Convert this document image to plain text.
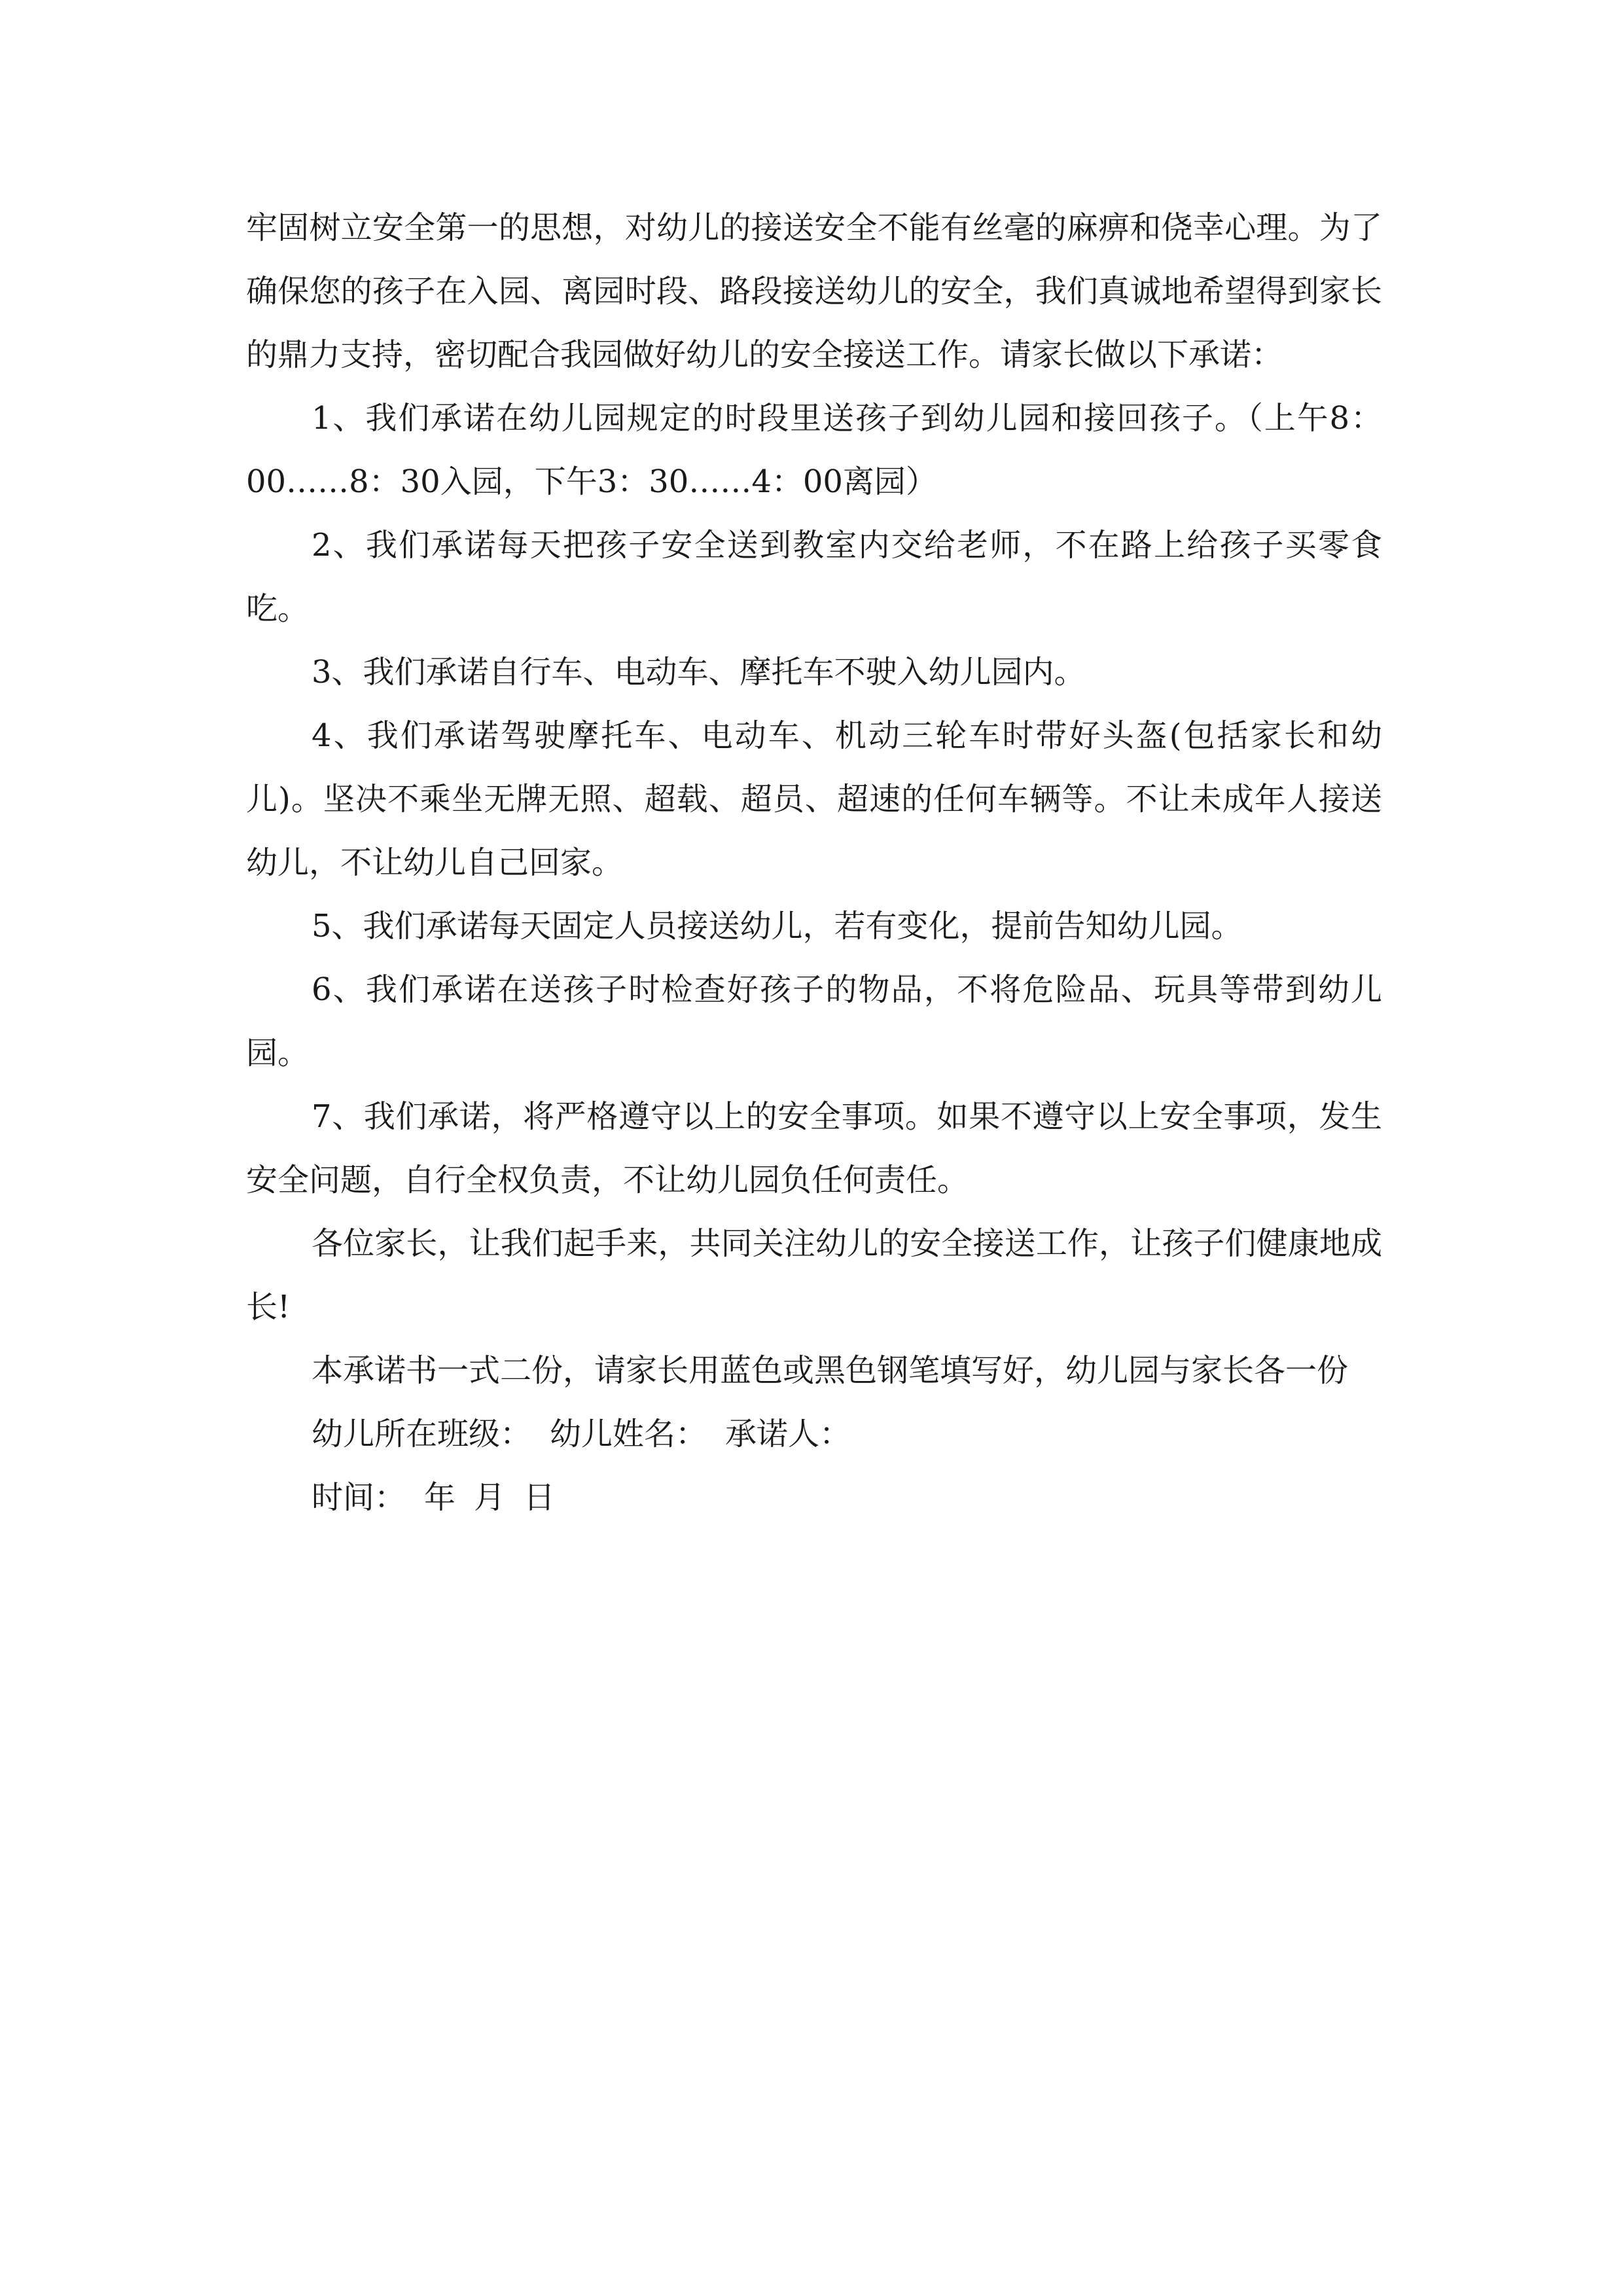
牢固树立安全第一的思想，对幼儿的接送安全不能有丝毫的麻痹和侥幸心理。为了确保您的孩子在入园、离园时段、路段接送幼儿的安全，我们真诚地希望得到家长的鼎力支持，密切配合我园做好幼儿的安全接送工作。请家长做以下承诺：

1、我们承诺在幼儿园规定的时段里送孩子到幼儿园和接回孩子。（上午8：00……8：30入园，下午3：30……4：00离园）

2、我们承诺每天把孩子安全送到教室内交给老师，不在路上给孩子买零食吃。

3、我们承诺自行车、电动车、摩托车不驶入幼儿园内。

4、我们承诺驾驶摩托车、电动车、机动三轮车时带好头盔(包括家长和幼儿)。坚决不乘坐无牌无照、超载、超员、超速的任何车辆等。不让未成年人接送幼儿，不让幼儿自己回家。

5、我们承诺每天固定人员接送幼儿，若有变化，提前告知幼儿园。

6、我们承诺在送孩子时检查好孩子的物品，不将危险品、玩具等带到幼儿园。

7、我们承诺，将严格遵守以上的安全事项。如果不遵守以上安全事项，发生安全问题，自行全权负责，不让幼儿园负任何责任。

各位家长，让我们起手来，共同关注幼儿的安全接送工作，让孩子们健康地成长!

本承诺书一式二份，请家长用蓝色或黑色钢笔填写好，幼儿园与家长各一份

幼儿所在班级： 幼儿姓名： 承诺人：

时间： 年 月 日
